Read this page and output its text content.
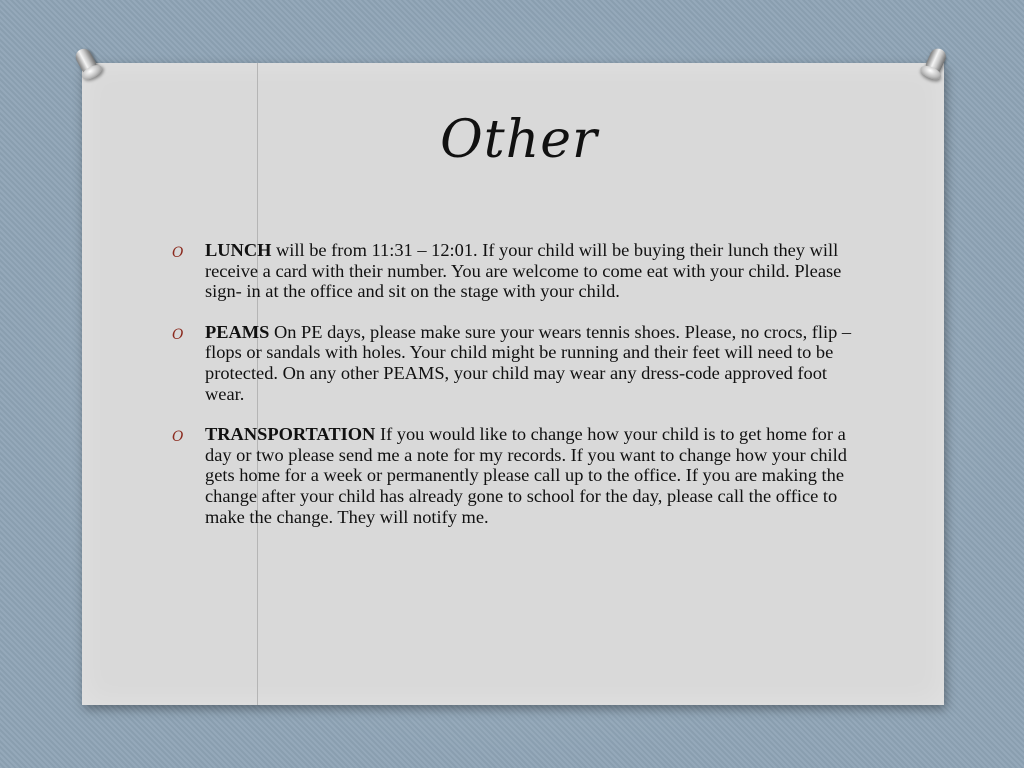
Other
O LUNCH will be from 11:31 – 12:01. If your child will be buying their lunch they will receive a card with their number. You are welcome to come eat with your child. Please sign- in at the office and sit on the stage with your child.
O PEAMS On PE days, please make sure your wears tennis shoes. Please, no crocs, flip – flops or sandals with holes. Your child might be running and their feet will need to be protected. On any other PEAMS, your child may wear any dress-code approved foot wear.
O TRANSPORTATION If you would like to change how your child is to get home for a day or two please send me a note for my records. If you want to change how your child gets home for a week or permanently please call up to the office. If you are making the change after your child has already gone to school for the day, please call the office to make the change. They will notify me.
